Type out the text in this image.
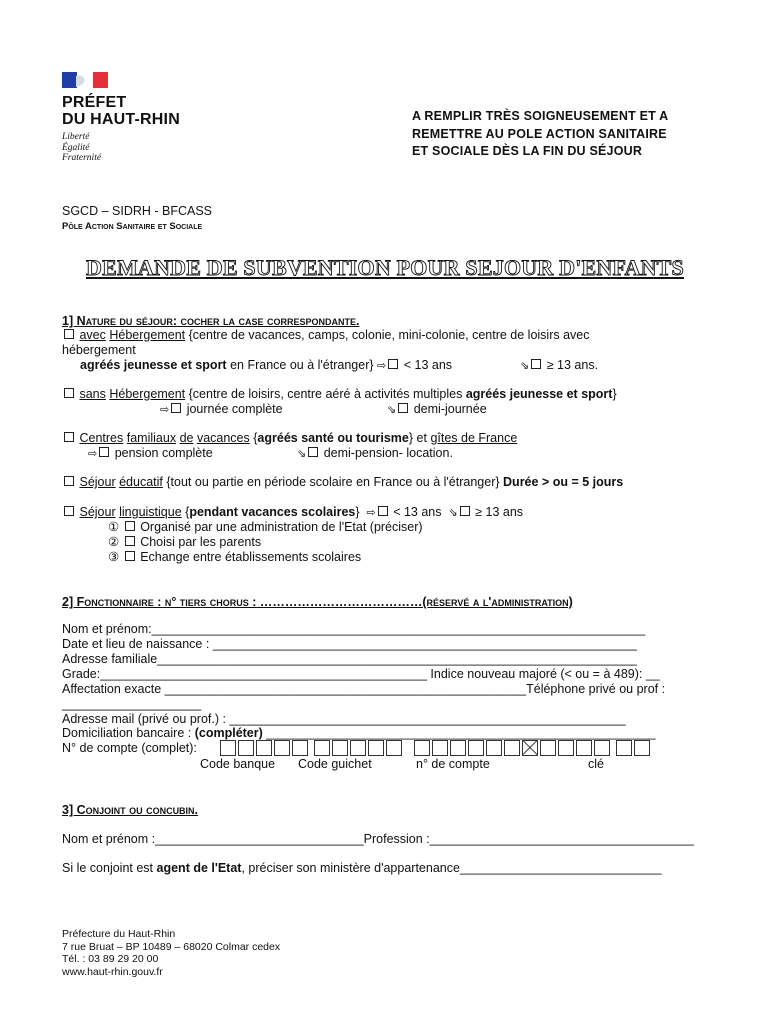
PRÉFET
DU HAUT-RHIN
Liberté
Égalité
Fraternité
A REMPLIR TRÈS SOIGNEUSEMENT ET A
REMETTRE AU POLE ACTION SANITAIRE
ET SOCIALE DÈS LA FIN DU SÉJOUR
SGCD – SIDRH - BFCASS
Pôle Action Sanitaire et Sociale
DEMANDE DE SUBVENTION POUR SEJOUR D'ENFANTS
1] Nature du séjour: cocher la case correspondante.
avec Hébergement {centre de vacances, camps, colonie, mini-colonie, centre de loisirs avec
hébergement
agréés jeunesse et sport en France ou à l'étranger} ⇨ < 13 ans	⇘ ≥ 13 ans.
sans Hébergement {centre de loisirs, centre aéré à activités multiples agréés jeunesse et sport}
⇨ journée complète	⇘ demi-journée
Centres familiaux de vacances {agréés santé ou tourisme} et gîtes de France
⇨ pension complète	⇘ demi-pension- location.
Séjour éducatif {tout ou partie en période scolaire en France ou à l'étranger} Durée > ou = 5 jours
Séjour linguistique {pendant vacances scolaires}  ⇨ < 13 ans ⇘ ≥ 13 ans
① Organisé par une administration de l'Etat (préciser)
② Choisi par les parents
③ Echange entre établissements scolaires
2] Fonctionnaire : n° tiers chorus : …………………………………(réservé a l'administration)
Nom et prénom:_______________________________________________________________________
Date et lieu de naissance : _____________________________________________________________
Adresse familiale_____________________________________________________________________
Grade:_______________________________________________ Indice nouveau majoré (< ou = à 489): __
Affectation exacte ____________________________________________________Téléphone privé ou prof :
____________________
Adresse mail (privé ou prof.) : _________________________________________________________
Domiciliation bancaire : (compléter) ________________________________________________________
N° de compte (complet):
Code banque Code guichet	n° de compte	clé
3] Conjoint ou concubin.
Nom et prénom :______________________________Profession :______________________________________
Si le conjoint est agent de l'Etat, préciser son ministère d'appartenance_____________________________
Préfecture du Haut-Rhin
7 rue Bruat – BP 10489 – 68020 Colmar cedex
Tél. : 03 89 29 20 00
www.haut-rhin.gouv.fr
